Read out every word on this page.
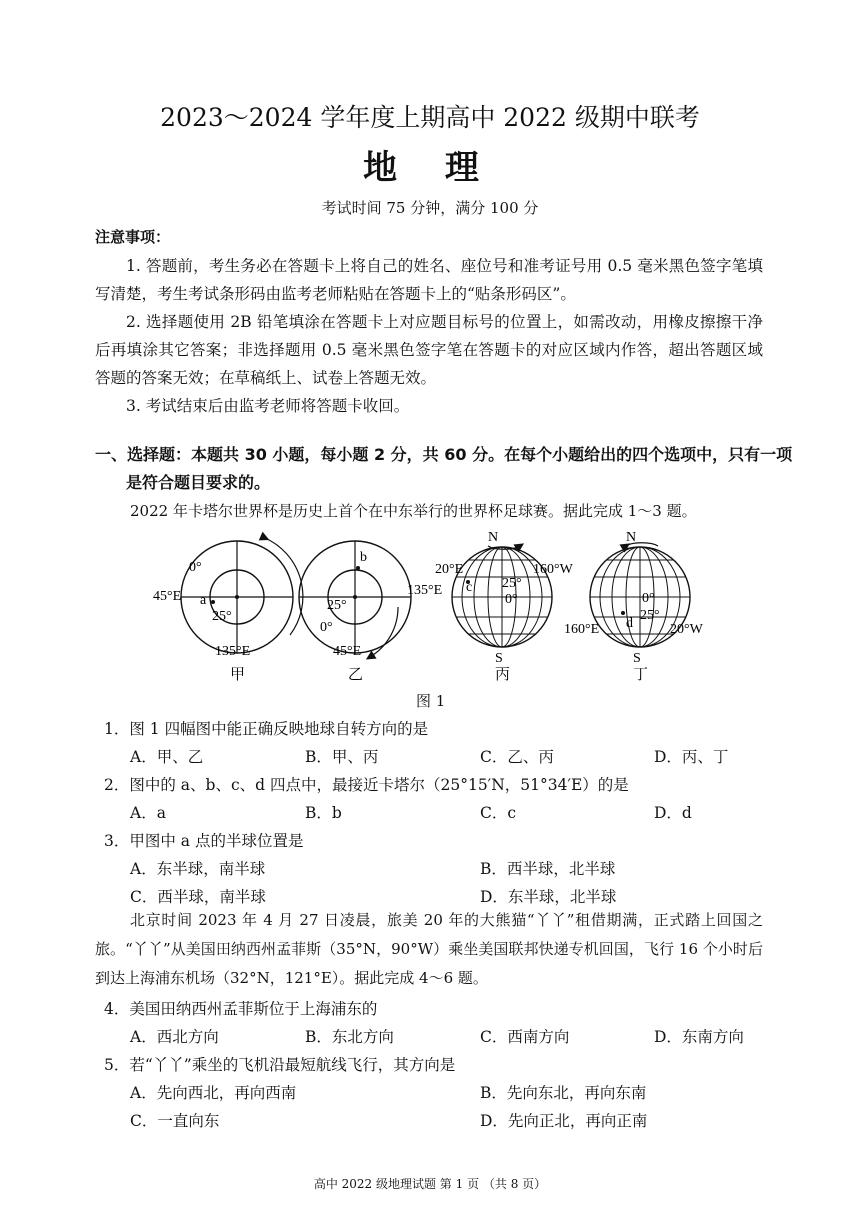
2023～2024 学年度上期高中 2022 级期中联考
地 理
考试时间 75 分钟，满分 100 分
注意事项：
1. 答题前，考生务必在答题卡上将自己的姓名、座位号和准考证号用 0.5 毫米黑色签字笔填写清楚，考生考试条形码由监考老师粘贴在答题卡上的“贴条形码区”。
2. 选择题使用 2B 铅笔填涂在答题卡上对应题目标号的位置上，如需改动，用橡皮擦擦干净后再填涂其它答案；非选择题用 0.5 毫米黑色签字笔在答题卡的对应区域内作答，超出答题区域答题的答案无效；在草稿纸上、试卷上答题无效。
3. 考试结束后由监考老师将答题卡收回。
一、选择题：本题共 30 小题，每小题 2 分，共 60 分。在每个小题给出的四个选项中，只有一项是符合题目要求的。
2022 年卡塔尔世界杯是历史上首个在中东举行的世界杯足球赛。据此完成 1～3 题。
0°
45°E a
25°
135°E
b
135°E
25°
0°
45°E
N
20°E	160°W
c 25°
0°
S
N
0°
25°
d
160°E	20°W
S
甲	乙	丙	丁
图 1
1．图 1 四幅图中能正确反映地球自转方向的是
A．甲、乙	B．甲、丙	C．乙、丙	D．丙、丁
2．图中的 a、b、c、d 四点中，最接近卡塔尔（25°15′N，51°34′E）的是
A．a	B．b	C．c	D．d
3．甲图中 a 点的半球位置是
A．东半球，南半球	B．西半球，北半球
C．西半球，南半球	D．东半球，北半球
北京时间 2023 年 4 月 27 日凌晨，旅美 20 年的大熊猫“丫丫”租借期满，正式踏上回国之旅。“丫丫”从美国田纳西州孟菲斯（35°N，90°W）乘坐美国联邦快递专机回国，飞行 16 个小时后到达上海浦东机场（32°N，121°E）。据此完成 4～6 题。
4．美国田纳西州孟菲斯位于上海浦东的
A．西北方向	B．东北方向	C．西南方向	D．东南方向
5．若“丫丫”乘坐的飞机沿最短航线飞行，其方向是
A．先向西北，再向西南	B．先向东北，再向东南
C．一直向东	D．先向正北，再向正南
高中 2022 级地理试题 第 1 页 （共 8 页）
